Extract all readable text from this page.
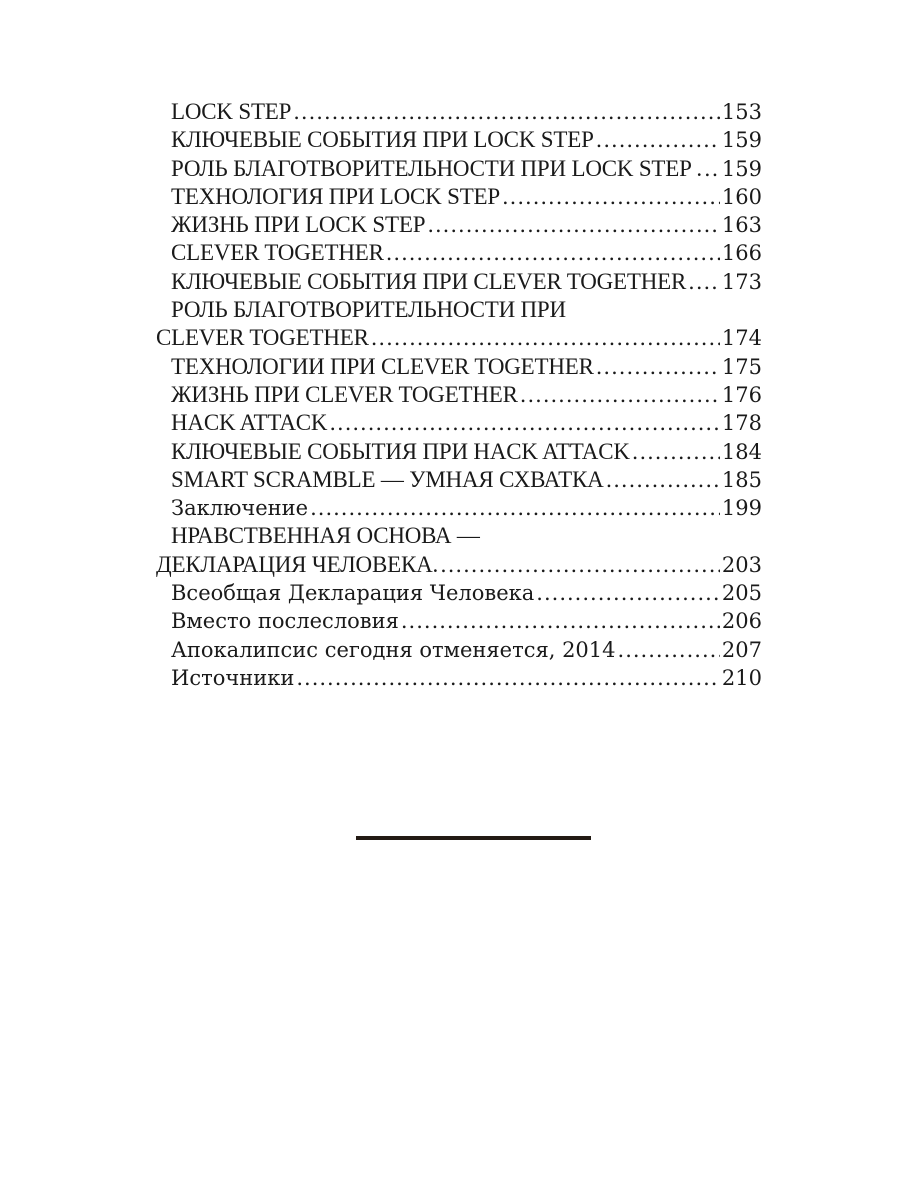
LOCK STEP .....	153
КЛЮЧЕВЫЕ СОБЫТИЯ ПРИ LOCK STEP .....	159
РОЛЬ БЛАГОТВОРИТЕЛЬНОСТИ ПРИ LOCK STEP . ..... 159
ТЕХНОЛОГИЯ ПРИ LOCK STEP .....	160
ЖИЗНЬ ПРИ LOCK STEP .....	163
CLEVER TOGETHER .....	166
КЛЮЧЕВЫЕ СОБЫТИЯ ПРИ CLEVER TOGETHER ..... 173
РОЛЬ БЛАГОТВОРИТЕЛЬНОСТИ ПРИ
CLEVER TOGETHER .....	174
ТЕХНОЛОГИИ ПРИ CLEVER TOGETHER .....	175
ЖИЗНЬ ПРИ CLEVER TOGETHER .....	176
HACK ATTACK .....	178
КЛЮЧЕВЫЕ СОБЫТИЯ ПРИ HACK ATTACK .....	184
SMART SCRAMBLE — УМНАЯ СХВАТКА .....	185
Заключение .....	199
НРАВСТВЕННАЯ ОСНОВА —
ДЕКЛАРАЦИЯ ЧЕЛОВЕКА. .....	203
Всеобщая Декларация Человека .....	205
Вместо послесловия .....	206
Апокалипсис сегодня отменяется, 2014 .....	207
Источники .....	210
